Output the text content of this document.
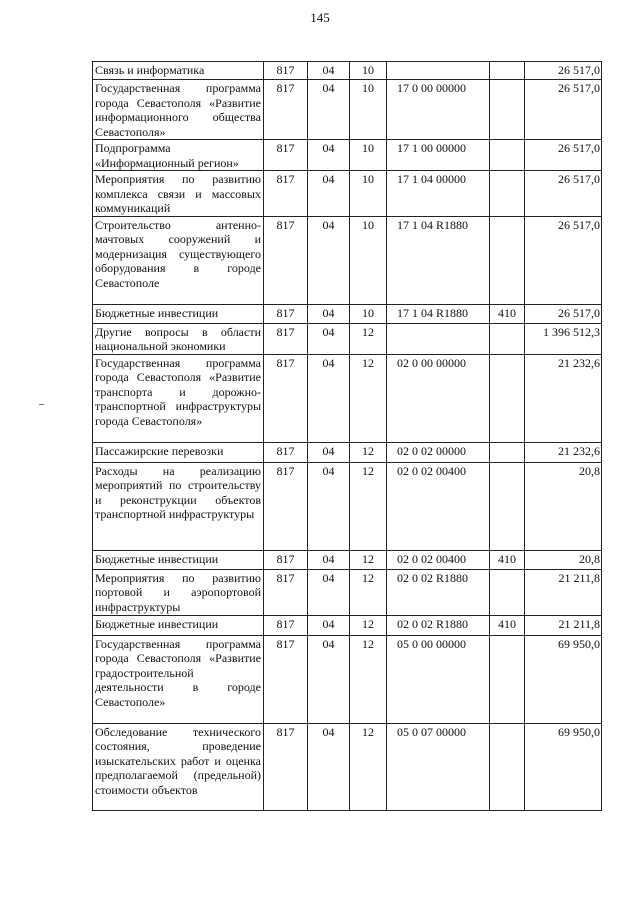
145
Связь и информатика	817	04	10			26 517,0
Государственная программа города Севастополя «Развитие информационного общества Севастополя»	817	04	10	17 0 00 00000		26 517,0
Подпрограмма «Информационный регион»	817	04	10	17 1 00 00000		26 517,0
Мероприятия по развитию комплекса связи и массовых коммуникаций	817	04	10	17 1 04 00000		26 517,0
Строительство антенно-мачтовых сооружений и модернизация существующего оборудования в городе Севастополе	817	04	10	17 1 04 R1880		26 517,0
Бюджетные инвестиции	817	04	10	17 1 04 R1880	410	26 517,0
Другие вопросы в области национальной экономики	817	04	12			1 396 512,3
Государственная программа города Севастополя «Развитие транспорта и дорожно-транспортной инфраструктуры города Севастополя»	817	04	12	02 0 00 00000		21 232,6
Пассажирские перевозки	817	04	12	02 0 02 00000		21 232,6
Расходы на реализацию мероприятий по строительству и реконструкции объектов транспортной инфраструктуры	817	04	12	02 0 02 00400		20,8
Бюджетные инвестиции	817	04	12	02 0 02 00400	410	20,8
Мероприятия по развитию портовой и аэропортовой инфраструктуры	817	04	12	02 0 02 R1880		21 211,8
Бюджетные инвестиции	817	04	12	02 0 02 R1880	410	21 211,8
Государственная программа города Севастополя «Развитие градостроительной деятельности в городе Севастополе»	817	04	12	05 0 00 00000		69 950,0
Обследование технического состояния, проведение изыскательских работ и оценка предполагаемой (предельной) стоимости объектов	817	04	12	05 0 07 00000		69 950,0
